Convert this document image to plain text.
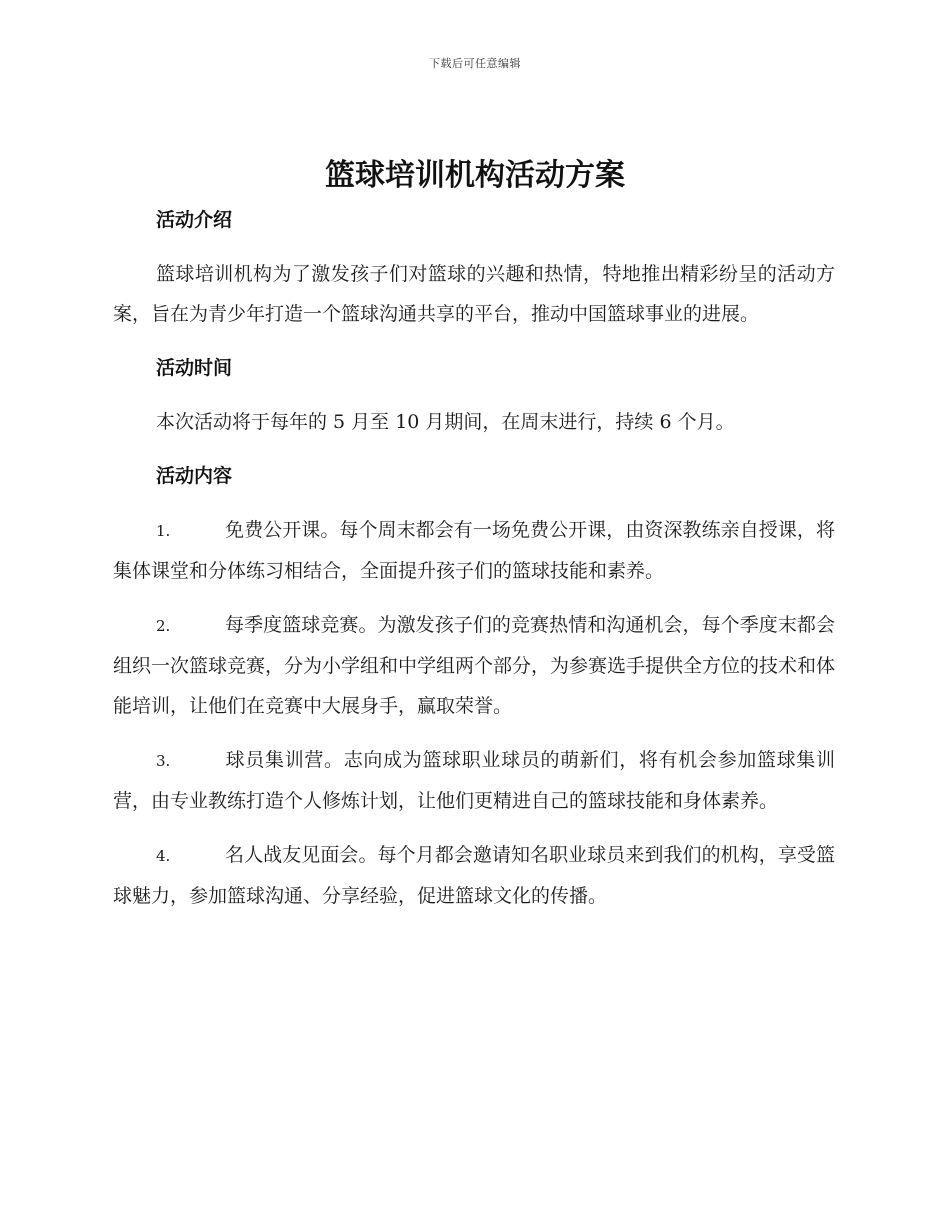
下载后可任意编辑
篮球培训机构活动方案
活动介绍

篮球培训机构为了激发孩子们对篮球的兴趣和热情，特地推出精彩纷呈的活动方案，旨在为青少年打造一个篮球沟通共享的平台，推动中国篮球事业的进展。

活动时间

本次活动将于每年的 5 月至 10 月期间，在周末进行，持续 6 个月。

活动内容

1.	免费公开课。每个周末都会有一场免费公开课，由资深教练亲自授课，将集体课堂和分体练习相结合，全面提升孩子们的篮球技能和素养。

2.	每季度篮球竞赛。为激发孩子们的竞赛热情和沟通机会，每个季度末都会组织一次篮球竞赛，分为小学组和中学组两个部分，为参赛选手提供全方位的技术和体能培训，让他们在竞赛中大展身手，赢取荣誉。

3.	球员集训营。志向成为篮球职业球员的萌新们，将有机会参加篮球集训营，由专业教练打造个人修炼计划，让他们更精进自己的篮球技能和身体素养。

4.	名人战友见面会。每个月都会邀请知名职业球员来到我们的机构，享受篮球魅力，参加篮球沟通、分享经验，促进篮球文化的传播。
